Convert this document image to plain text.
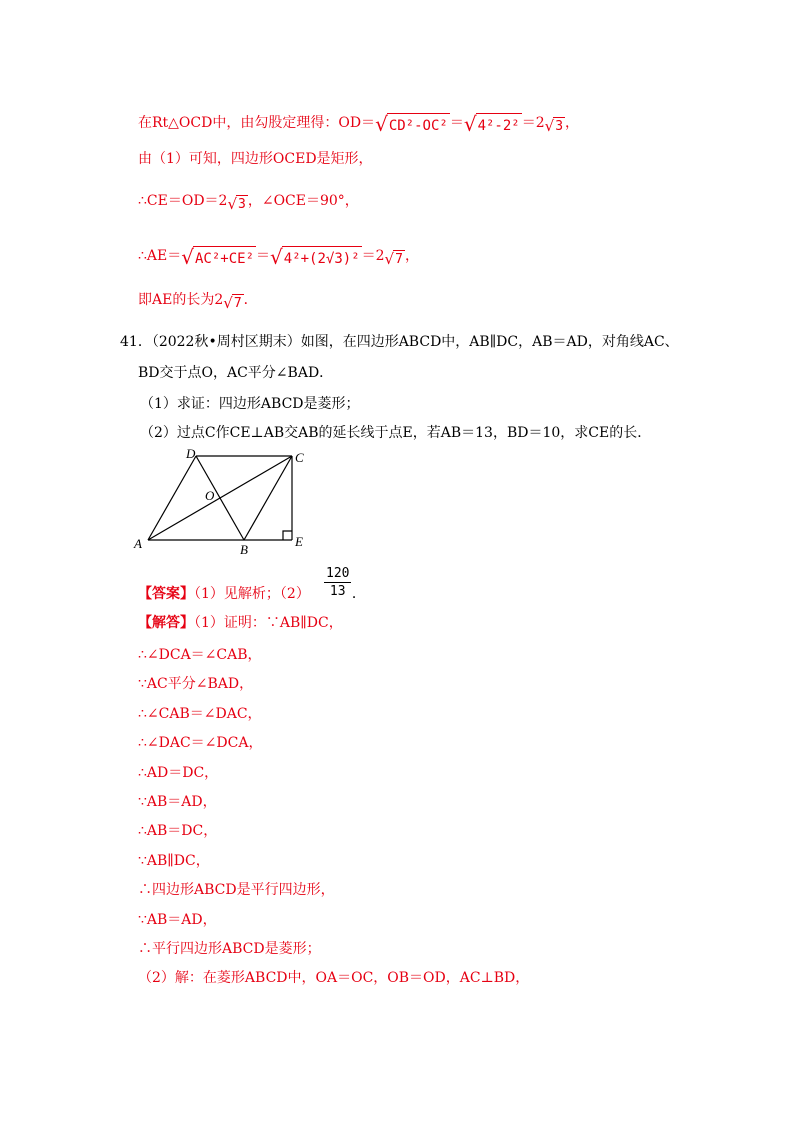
在Rt△OCD中，由勾股定理得：OD＝ √ CD²-OC² ＝ √ 4²-2² ＝2 √ 3 ，
由（1）可知，四边形OCED是矩形，
∴CE＝OD＝2 √ 3 ，∠OCE＝90°，
∴AE＝ √ AC²+CE² ＝ √ 4²+(2√3)² ＝2 √ 7 ，
即AE的长为2 √ 7 ．
41．（2022秋•周村区期末）如图，在四边形ABCD中，AB∥DC，AB＝AD，对角线AC、
BD交于点O，AC平分∠BAD．
（1）求证：四边形ABCD是菱形；
（2）过点C作CE⊥AB交AB的延长线于点E，若AB＝13，BD＝10，求CE的长．
A	B
C
D
E
O
【答案】（1）见解析；（2）	．
$\frac{120}{13}$
【解答】（1）证明：∵AB∥DC，
∴∠DCA＝∠CAB，
∵AC平分∠BAD，
∴∠CAB＝∠DAC，
∴∠DAC＝∠DCA，
∴AD＝DC，
∵AB＝AD，
∴AB＝DC，
∵AB∥DC，
∴四边形ABCD是平行四边形，
∵AB＝AD，
∴平行四边形ABCD是菱形；
（2）解：在菱形ABCD中，OA＝OC，OB＝OD，AC⊥BD，
